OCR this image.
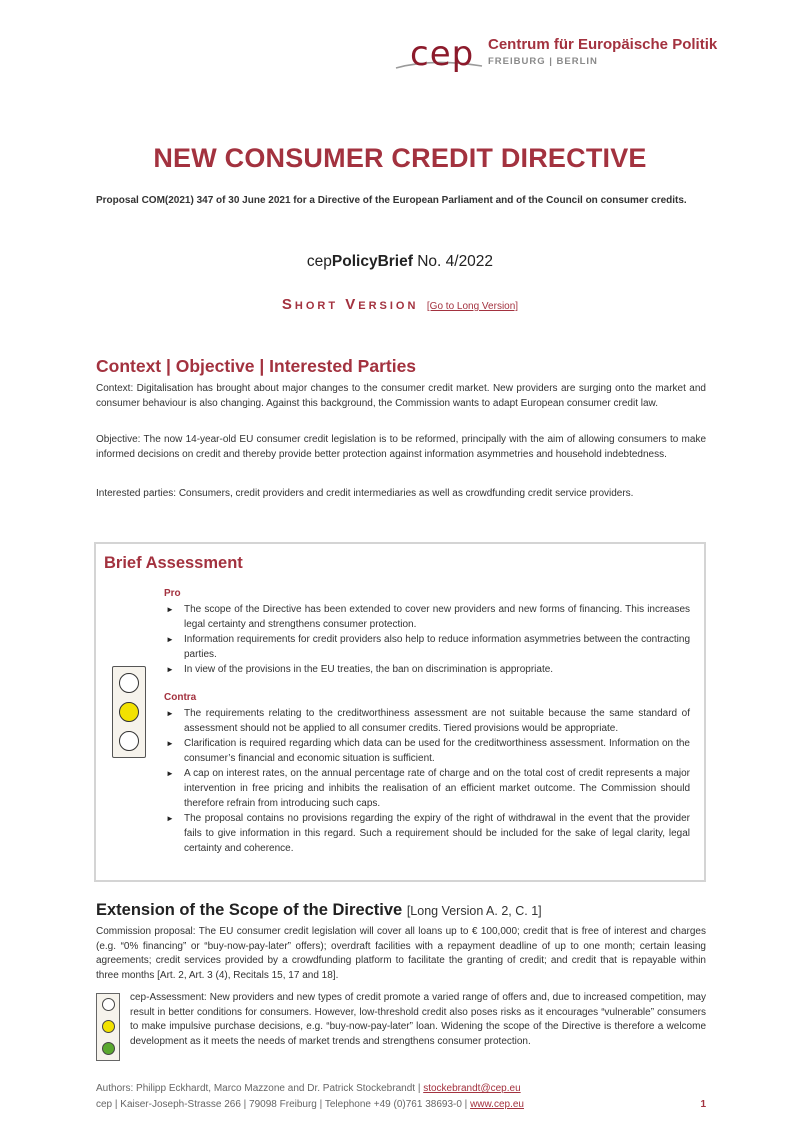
cep Centrum für Europäische Politik
FREIBURG | BERLIN
NEW CONSUMER CREDIT DIRECTIVE

Proposal COM(2021) 347 of 30 June 2021 for a Directive of the European Parliament and of the Council on consumer credits.

cepPolicyBrief No. 4/2022
Short Version [Go to Long Version]
Context | Objective | Interested Parties

Context: Digitalisation has brought about major changes to the consumer credit market. New providers are surging onto the market and consumer behaviour is also changing. Against this background, the Commission wants to adapt European consumer credit law.

Objective: The now 14-year-old EU consumer credit legislation is to be reformed, principally with the aim of allowing consumers to make informed decisions on credit and thereby provide better protection against information asymmetries and household indebtedness.

Interested parties: Consumers, credit providers and credit intermediaries as well as crowdfunding credit service providers.

Brief Assessment
Pro
► The scope of the Directive has been extended to cover new providers and new forms of financing. This increases legal certainty and strengthens consumer protection.
► Information requirements for credit providers also help to reduce information asymmetries between the contracting parties.
► In view of the provisions in the EU treaties, the ban on discrimination is appropriate.
Contra
► The requirements relating to the creditworthiness assessment are not suitable because the same standard of assessment should not be applied to all consumer credits. Tiered provisions would be appropriate.
► Clarification is required regarding which data can be used for the creditworthiness assessment. Information on the consumer’s financial and economic situation is sufficient.
► A cap on interest rates, on the annual percentage rate of charge and on the total cost of credit represents a major intervention in free pricing and inhibits the realisation of an efficient market outcome. The Commission should therefore refrain from introducing such caps.
► The proposal contains no provisions regarding the expiry of the right of withdrawal in the event that the provider fails to give information in this regard. Such a requirement should be included for the sake of legal clarity, legal certainty and coherence.
Extension of the Scope of the Directive [Long Version A. 2, C. 1]

Commission proposal: The EU consumer credit legislation will cover all loans up to € 100,000; credit that is free of interest and charges (e.g. “0% financing” or “buy-now-pay-later” offers); overdraft facilities with a repayment deadline of up to one month; certain leasing agreements; credit services provided by a crowdfunding platform to facilitate the granting of credit; and credit that is repayable within three months [Art. 2, Art. 3 (4), Recitals 15, 17 and 18].

cep-Assessment: New providers and new types of credit promote a varied range of offers and, due to increased competition, may result in better conditions for consumers. However, low-threshold credit also poses risks as it encourages “vulnerable” consumers to make impulsive purchase decisions, e.g. “buy-now-pay-later” loan. Widening the scope of the Directive is therefore a welcome development as it meets the needs of market trends and strengthens consumer protection.

Authors: Philipp Eckhardt, Marco Mazzone and Dr. Patrick Stockebrandt | stockebrandt@cep.eu
cep | Kaiser-Joseph-Strasse 266 | 79098 Freiburg | Telephone +49 (0)761 38693-0 | www.cep.eu	1
